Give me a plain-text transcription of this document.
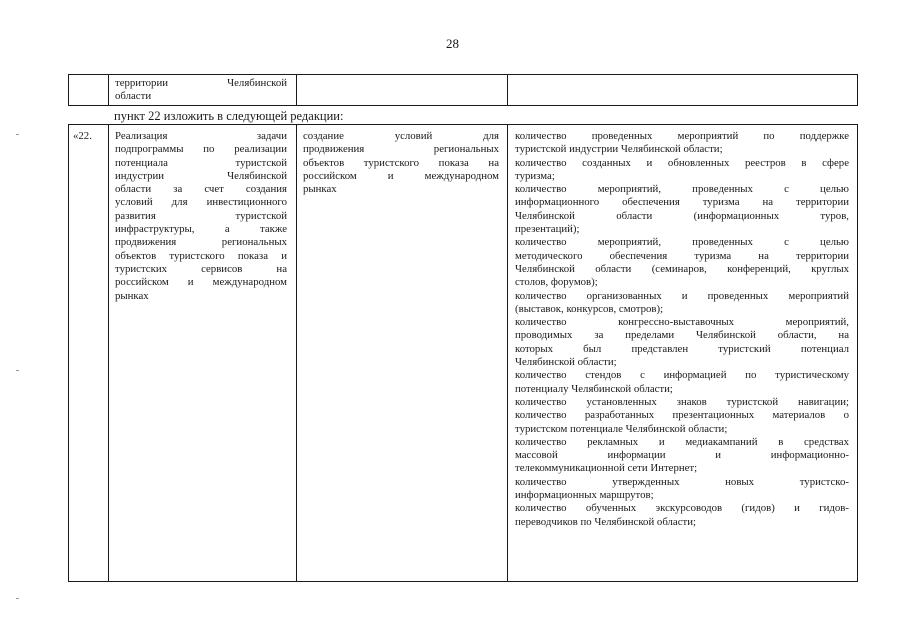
28
территории Челябинской
области
пункт 22 изложить в следующей редакции:
«22. Реализация задачи
подпрограммы по реализации
потенциала туристской
индустрии Челябинской
области за счет создания
условий для инвестиционного
развития туристской
инфраструктуры, а также
продвижения региональных
объектов туристского показа и
туристских сервисов на
российском и международном
рынках
создание условий для
продвижения региональных
объектов туристского показа на
российском и международном
рынках
количество проведенных мероприятий по поддержке
туристской индустрии Челябинской области;
количество созданных и обновленных реестров в сфере
туризма;
количество мероприятий, проведенных с целью
информационного обеспечения туризма на территории
Челябинской области (информационных туров,
презентаций);
количество мероприятий, проведенных с целью
методического обеспечения туризма на территории
Челябинской области (семинаров, конференций, круглых
столов, форумов);
количество организованных и проведенных мероприятий
(выставок, конкурсов, смотров);
количество конгрессно-выставочных мероприятий,
проводимых за пределами Челябинской области, на
которых был представлен туристский потенциал
Челябинской области;
количество стендов с информацией по туристическому
потенциалу Челябинской области;
количество установленных знаков туристской навигации;
количество разработанных презентационных материалов о
туристском потенциале Челябинской области;
количество рекламных и медиакампаний в средствах
массовой информации и информационно-
телекоммуникационной сети Интернет;
количество утвержденных новых туристско-
информационных маршрутов;
количество обученных экскурсоводов (гидов) и гидов-
переводчиков по Челябинской области;
